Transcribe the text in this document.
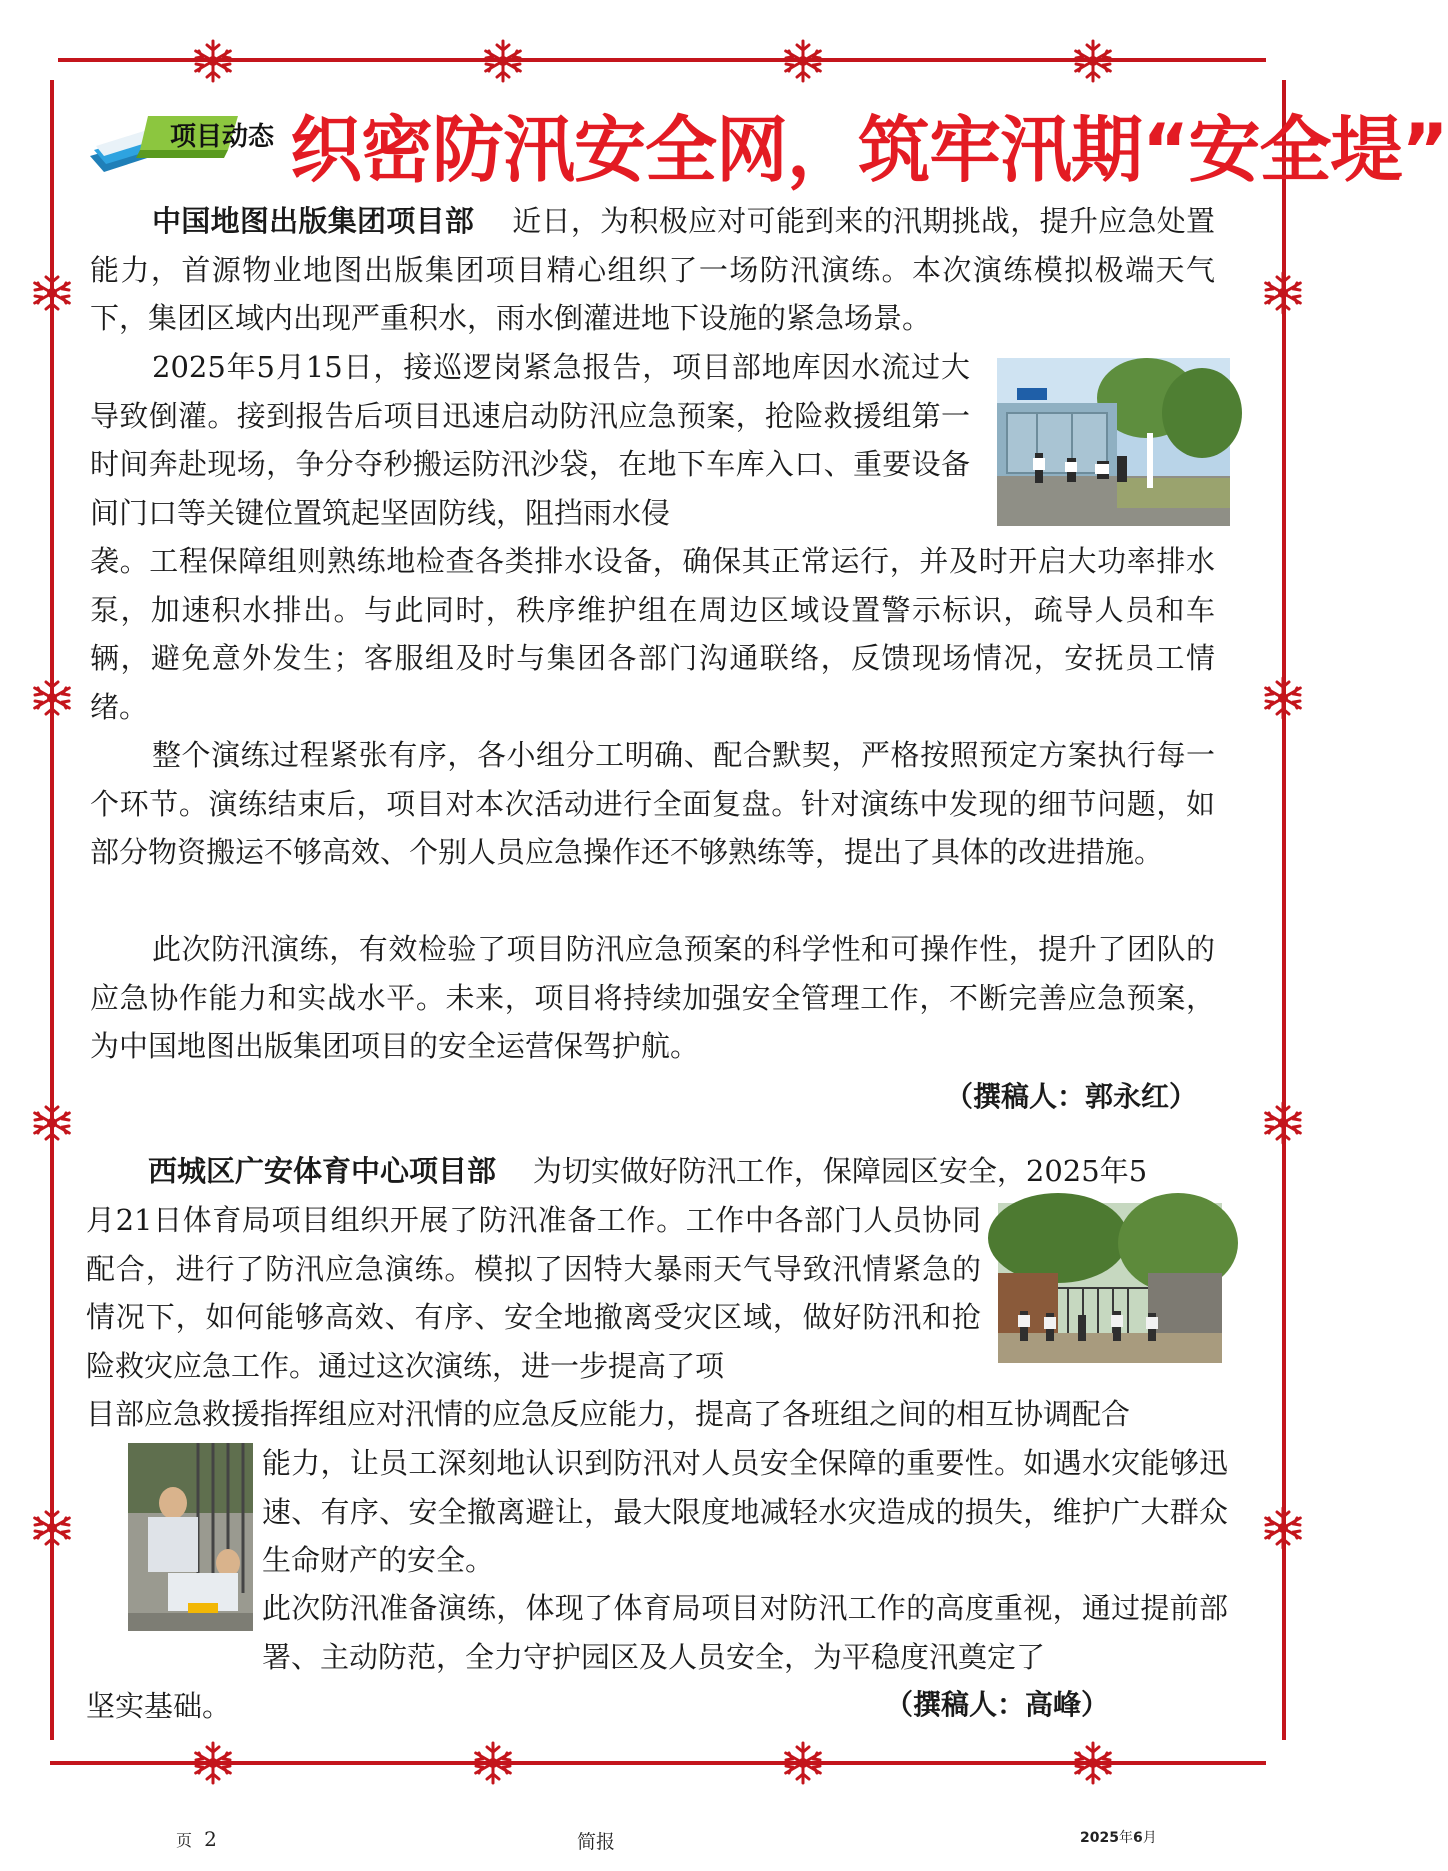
项目动态 织密防汛安全网，筑牢汛期“安全堤”

中国地图出版集团项目部 近日，为积极应对可能到来的汛期挑战，提升应急处置能力，首源物业地图出版集团项目精心组织了一场防汛演练。本次演练模拟极端天气下，集团区域内出现严重积水，雨水倒灌进地下设施的紧急场景。

2025年5月15日，接巡逻岗紧急报告，项目部地库因水流过大导致倒灌。接到报告后项目迅速启动防汛应急预案，抢险救援组第一时间奔赴现场，争分夺秒搬运防汛沙袋，在地下车库入口、重要设备间门口等关键位置筑起坚固防线，阻挡雨水侵

袭。工程保障组则熟练地检查各类排水设备，确保其正常运行，并及时开启大功率排水泵，加速积水排出。与此同时，秩序维护组在周边区域设置警示标识，疏导人员和车辆，避免意外发生；客服组及时与集团各部门沟通联络，反馈现场情况，安抚员工情绪。

整个演练过程紧张有序，各小组分工明确、配合默契，严格按照预定方案执行每一个环节。演练结束后，项目对本次活动进行全面复盘。针对演练中发现的细节问题，如部分物资搬运不够高效、个别人员应急操作还不够熟练等，提出了具体的改进措施。

此次防汛演练，有效检验了项目防汛应急预案的科学性和可操作性，提升了团队的应急协作能力和实战水平。未来，项目将持续加强安全管理工作，不断完善应急预案，为中国地图出版集团项目的安全运营保驾护航。

（撰稿人：郭永红）

西城区广安体育中心项目部 为切实做好防汛工作，保障园区安全，2025年5

月21日体育局项目组织开展了防汛准备工作。工作中各部门人员协同配合，进行了防汛应急演练。模拟了因特大暴雨天气导致汛情紧急的情况下，如何能够高效、有序、安全地撤离受灾区域，做好防汛和抢险救灾应急工作。通过这次演练，进一步提高了项

目部应急救援指挥组应对汛情的应急反应能力，提高了各班组之间的相互协调配合

能力，让员工深刻地认识到防汛对人员安全保障的重要性。如遇水灾能够迅速、有序、安全撤离避让，最大限度地减轻水灾造成的损失，维护广大群众生命财产的安全。

此次防汛准备演练，体现了体育局项目对防汛工作的高度重视，通过提前部署、主动防范，全力守护园区及人员安全，为平稳度汛奠定了

坚实基础。	（撰稿人：高峰）
页 2	简报	2025年6月
